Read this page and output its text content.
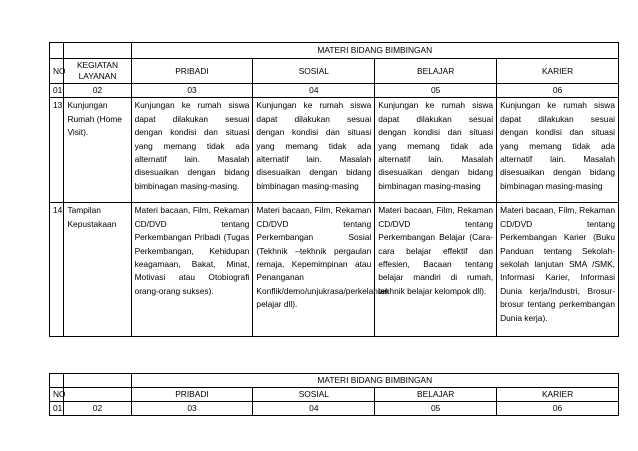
		MATERI BIDANG BIMBINGAN			
NO	KEGIATAN LAYANAN	PRIBADI	SOSIAL	BELAJAR	KARIER
01	02	03	04	05	06
13	Kunjungan Rumah (Home Visit).	Kunjungan ke rumah siswa dapat dilakukan sesuai dengan kondisi dan situasi yang memang tidak ada alternatif lain. Masalah disesuaikan dengan bidang bimbinagan masing-masing.	Kunjungan ke rumah siswa dapat dilakukan sesuai dengan kondisi dan situasi yang memang tidak ada alternatif lain. Masalah disesuaikan dengan bidang bimbinagan masing-masing	Kunjungan ke rumah siswa dapat dilakukan sesuai dengan kondisi dan situasi yang memang tidak ada alternatif lain. Masalah disesuaikan dengan bidang bimbinagan masing-masing	Kunjungan ke rumah siswa dapat dilakukan sesuai dengan kondisi dan situasi yang memang tidak ada alternatif lain. Masalah disesuaikan dengan bidang bimbinagan masing-masing
14	Tampilan Kepustakaan	Materi bacaan, Film, Rekaman CD/DVD tentang Perkembangan Pribadi (Tugas Perkembangan, Kehidupan keagamaan, Bakat, Minat, Motivasi atau Otobiografi orang-orang sukses).	Materi bacaan, Film, Rekaman CD/DVD tentang Perkembangan Sosial (Tekhnik –tekhnik pergaulan remaja, Kepemimpinan atau Penanganan Konflik/demo/unjukrasa/perkelahian pelajar dll).	Materi bacaan, Film, Rekaman CD/DVD tentang Perkembangan Belajar (Cara-cara belajar effektif dan effesien, Bacaan tentang belajar mandiri di rumah, tekhnik belajar kelompok dll).	Materi bacaan, Film, Rekaman CD/DVD tentang Perkembangan Karier (Buku Panduan tentang Sekolah-sekolah lanjutan SMA /SMK, Informasi Karier, Informasi Dunia kerja/Industri, Brosur-brosur tentang perkembangan Dunia kerja).
		MATERI BIDANG BIMBINGAN			
NO		PRIBADI	SOSIAL	BELAJAR	KARIER
01	02	03	04	05	06
